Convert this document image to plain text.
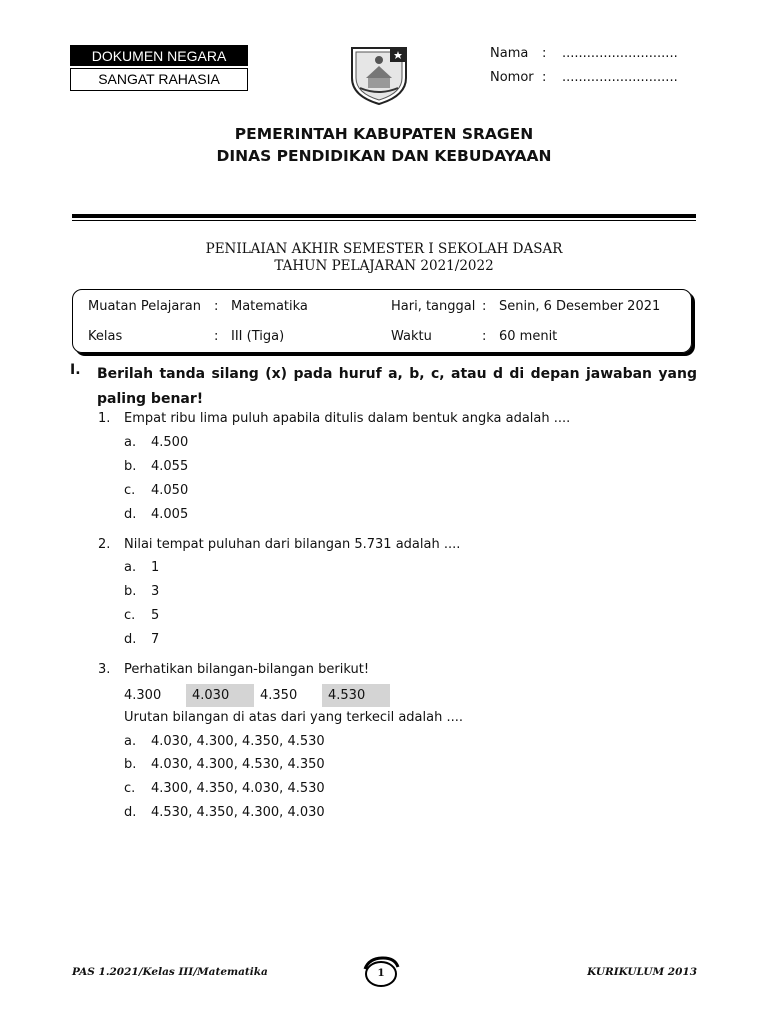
DOKUMEN NEGARA
SANGAT RAHASIA
Nama : ............................
Nomor : ............................
PEMERINTAH KABUPATEN SRAGEN
DINAS PENDIDIKAN DAN KEBUDAYAAN
PENILAIAN AKHIR SEMESTER I SEKOLAH DASAR
TAHUN PELAJARAN 2021/2022
Muatan Pelajaran : Matematika	Hari, tanggal : Senin, 6 Desember 2021
Kelas	: III (Tiga)	Waktu	: 60 menit
I. Berilah tanda silang (x) pada huruf a, b, c, atau d di depan jawaban yang paling benar!
1. Empat ribu lima puluh apabila ditulis dalam bentuk angka adalah ....
a. 4.500
b. 4.055
c. 4.050
d. 4.005
2. Nilai tempat puluhan dari bilangan 5.731 adalah ....
a. 1
b. 3
c. 5
d. 7
3. Perhatikan bilangan-bilangan berikut!
4.300	4.030	4.350	4.530
Urutan bilangan di atas dari yang terkecil adalah ....
a. 4.030, 4.300, 4.350, 4.530
b. 4.030, 4.300, 4.530, 4.350
c. 4.300, 4.350, 4.030, 4.530
d. 4.530, 4.350, 4.300, 4.030
PAS 1.2021/Kelas III/Matematika	1	KURIKULUM 2013
